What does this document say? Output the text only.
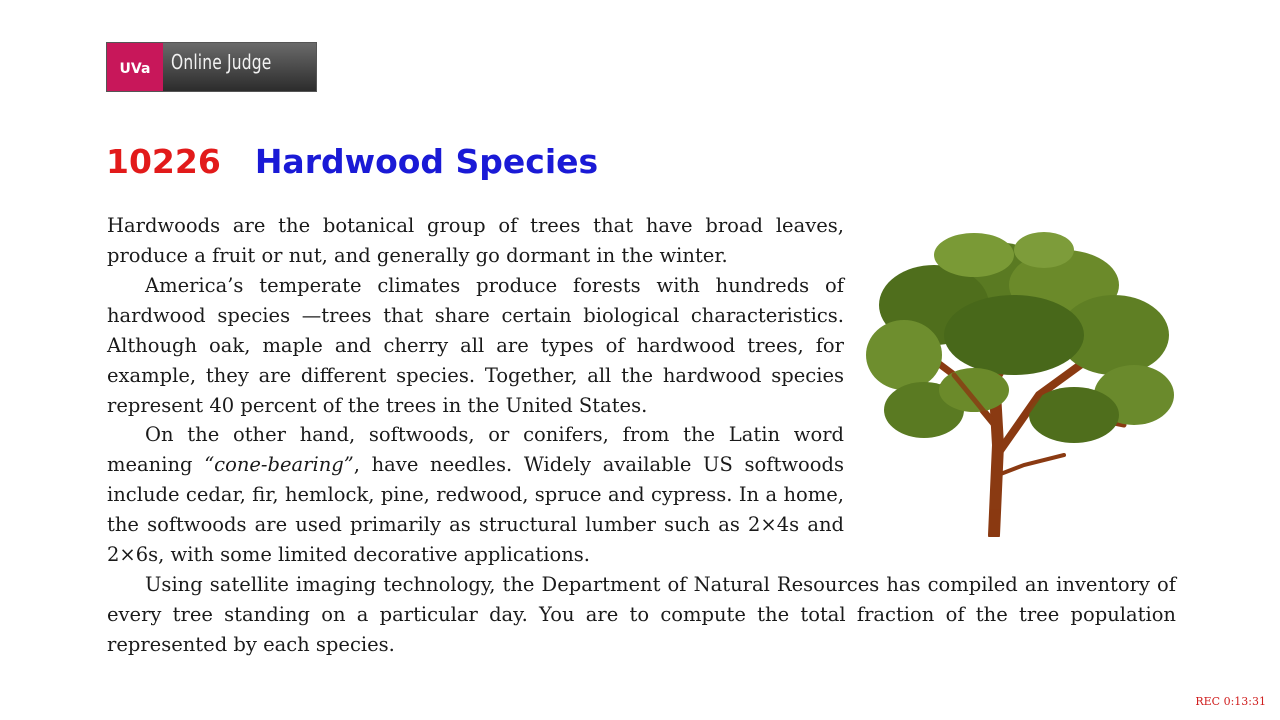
UVa	Online Judge
10226 Hardwood Species

Hardwoods are the botanical group of trees that have broad leaves, produce a fruit or nut, and generally go dormant in the winter.

America’s temperate climates produce forests with hundreds of hardwood species —trees that share certain biological characteristics. Although oak, maple and cherry all are types of hardwood trees, for example, they are different species. Together, all the hardwood species represent 40 percent of the trees in the United States.

On the other hand, softwoods, or conifers, from the Latin word meaning “cone-bearing”, have needles. Widely available US softwoods include cedar, fir, hemlock, pine, redwood, spruce and cypress. In a home, the softwoods are used primarily as structural lumber such as 2×4s and 2×6s, with some limited decorative applications.

Using satellite imaging technology, the Department of Natural Resources has compiled an inventory of every tree standing on a particular day. You are to compute the total fraction of the tree population represented by each species.

REC 0:13:31
